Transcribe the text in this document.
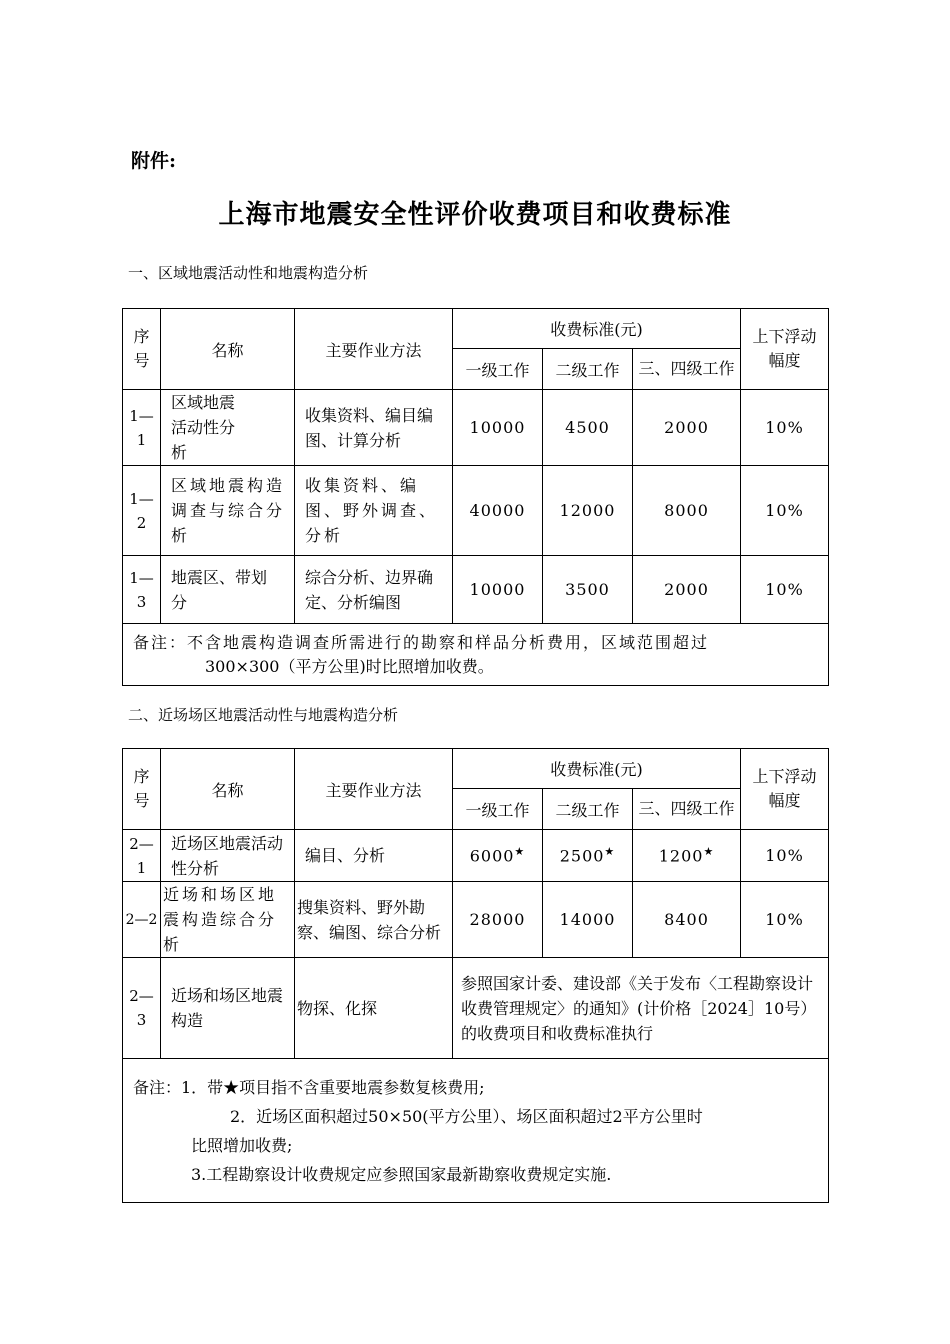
附件:
上海市地震安全性评价收费项目和收费标准
一、区域地震活动性和地震构造分析
序号	名称	主要作业方法	收费标准(元)			上下浮动幅度
			一级工作	二级工作	三、四级工作	
1—1	区域地震活动性分析	收集资料、编目编图、计算分析	10000	4500	2000	10%
1—2	区域地震构造调查与综合分析	收集资料、编图、野外调查、分析	40000	12000	8000	10%
1—3	地震区、带划分	综合分析、边界确定、分析编图	10000	3500	2000	10%

备注：不含地震构造调查所需进行的勘察和样品分析费用，区域范围超过
300×300（平方公里)时比照增加收费。						
二、近场场区地震活动性与地震构造分析
序号	名称	主要作业方法	收费标准(元)			上下浮动幅度
			一级工作	二级工作	三、四级工作	
2—1	近场区地震活动性分析	编目、分析	6000★	2500★	1200★	10%
2—2	近场和场区地震构造综合分析	搜集资料、野外勘察、编图、综合分析	28000	14000	8400	10%
2—3	近场和场区地震构造	物探、化探	参照国家计委、建设部《关于发布〈工程勘察设计收费管理规定〉的通知》(计价格［2024］10号）的收费项目和收费标准执行			

备注：1．带★项目指不含重要地震参数复核费用;
2．近场区面积超过50×50(平方公里）、场区面积超过2平方公里时
比照增加收费;
3.工程勘察设计收费规定应参照国家最新勘察收费规定实施.						
